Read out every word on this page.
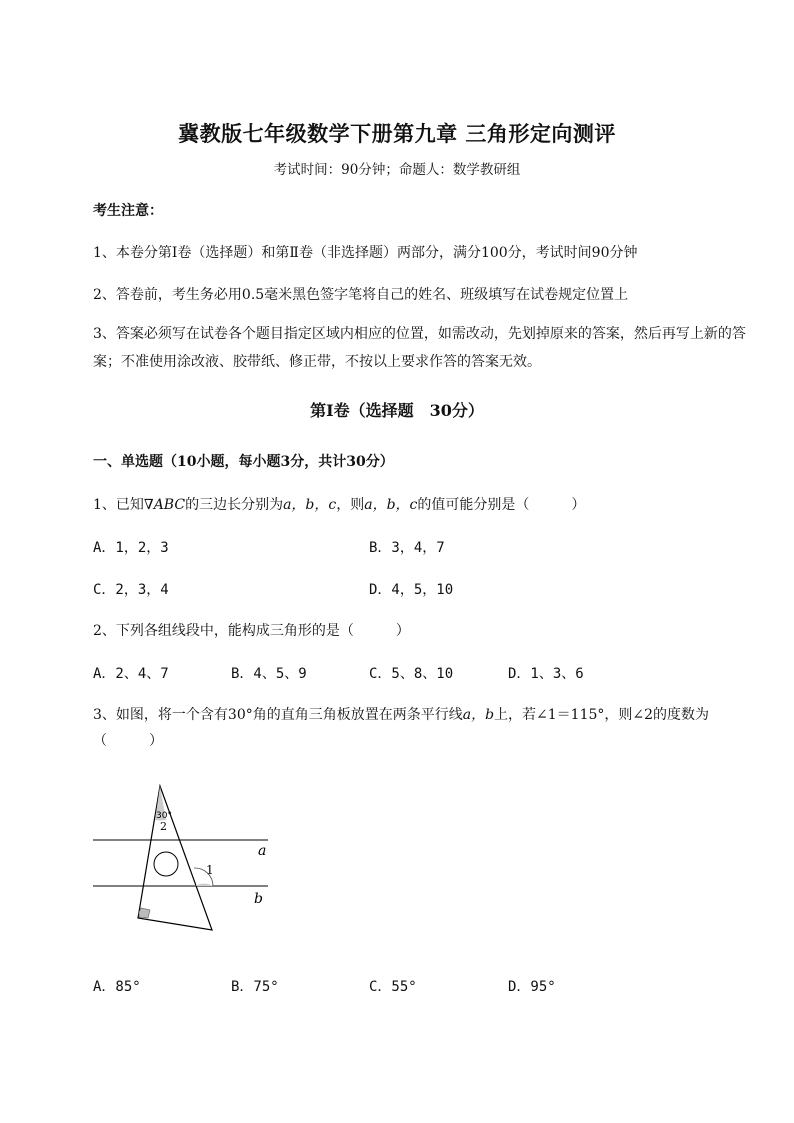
冀教版七年级数学下册第九章 三角形定向测评
考试时间：90分钟；命题人：数学教研组
考生注意：
1、本卷分第I卷（选择题）和第Ⅱ卷（非选择题）两部分，满分100分，考试时间90分钟
2、答卷前，考生务必用0.5毫米黑色签字笔将自己的姓名、班级填写在试卷规定位置上
3、答案必须写在试卷各个题目指定区域内相应的位置，如需改动，先划掉原来的答案，然后再写上新的答案；不准使用涂改液、胶带纸、修正带，不按以上要求作答的答案无效。
第I卷（选择题　30分）
一、单选题（10小题，每小题3分，共计30分）
1、已知∇ABC的三边长分别为a，b，c，则a，b，c的值可能分别是（　　　）
A．1，2，3	B．3，4，7
C．2，3，4	D．4，5，10
2、下列各组线段中，能构成三角形的是（　　　）
A．2、4、7	B．4、5、9	C．5、8、10	D．1、3、6
3、如图，将一个含有30°角的直角三角板放置在两条平行线a，b上，若∠1＝115°，则∠2的度数为
（　　　）
30°
2
1
a
b
A．85°	B．75°	C．55°	D．95°
